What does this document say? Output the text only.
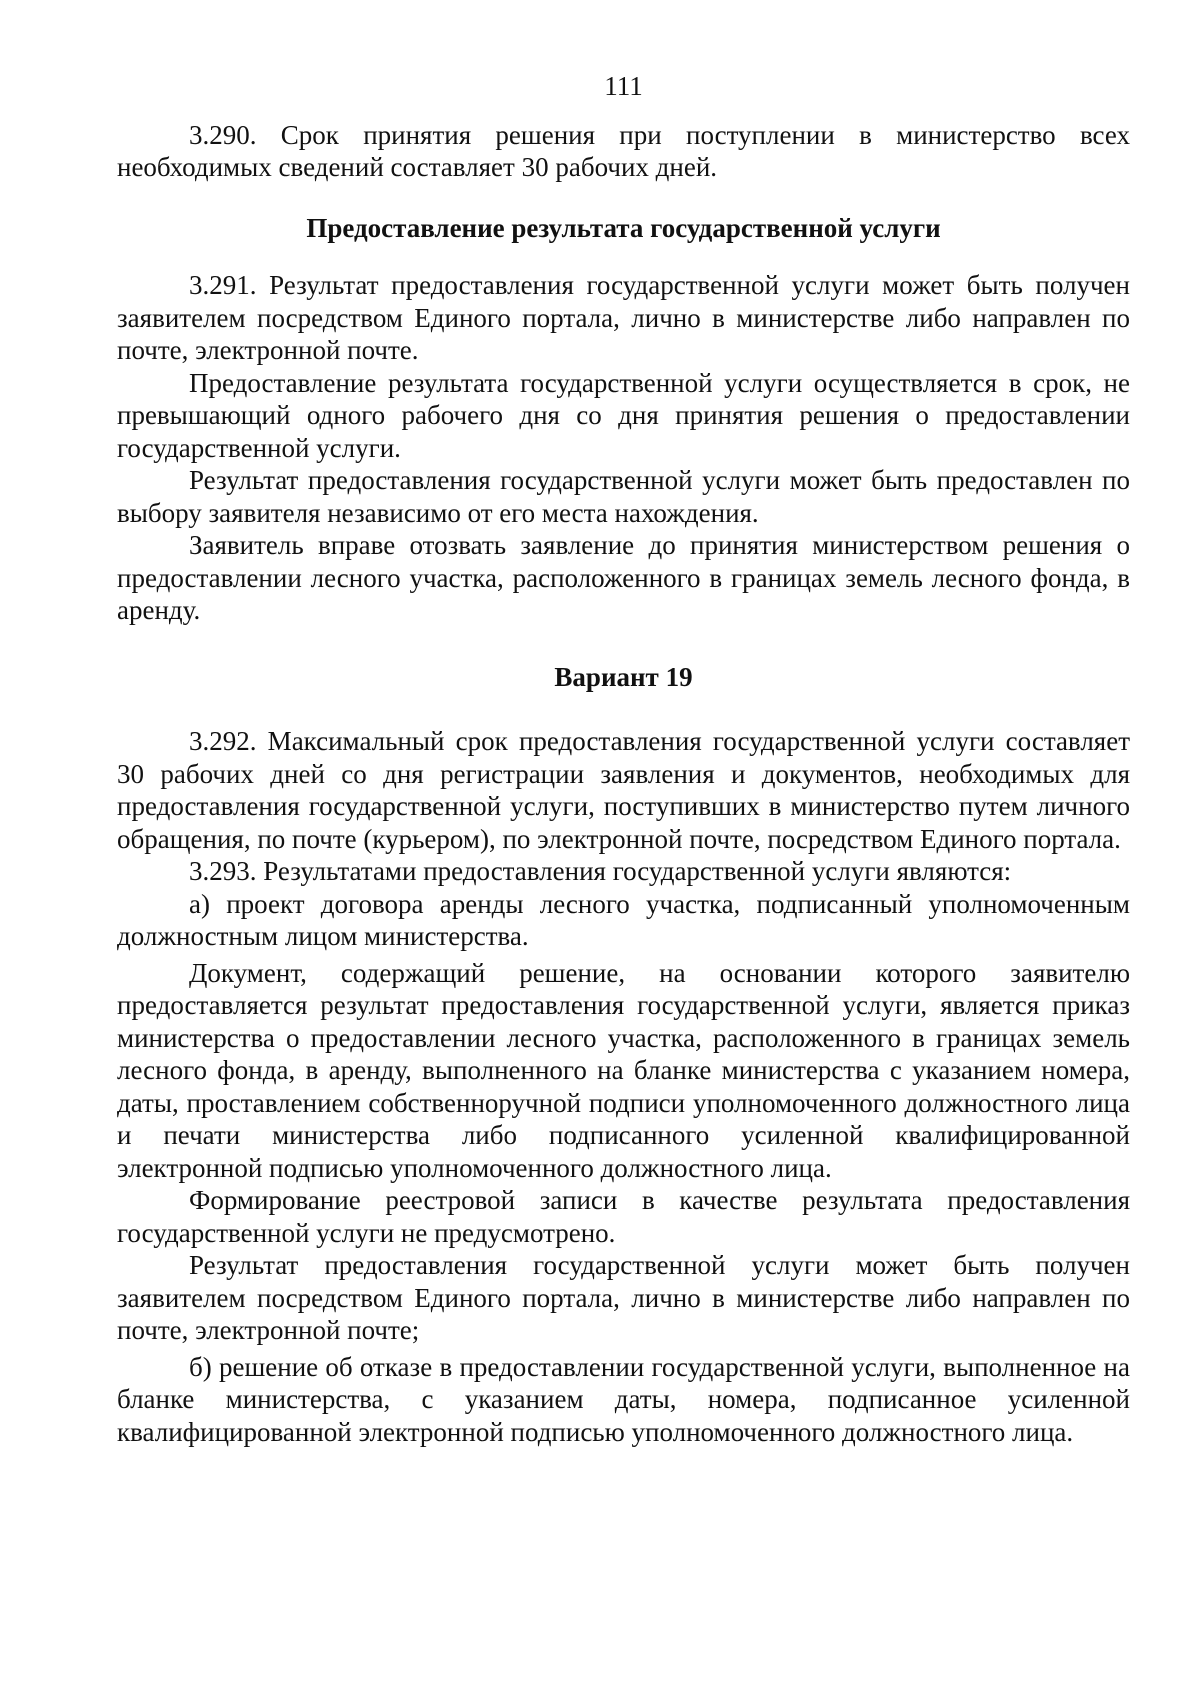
111

3.290. Срок принятия решения при поступлении в министерство всех необходимых сведений составляет 30 рабочих дней.

Предоставление результата государственной услуги

3.291. Результат предоставления государственной услуги может быть получен заявителем посредством Единого портала, лично в министерстве либо направлен по почте, электронной почте.

Предоставление результата государственной услуги осуществляется в срок, не превышающий одного рабочего дня со дня принятия решения о предоставлении государственной услуги.

Результат предоставления государственной услуги может быть предоставлен по выбору заявителя независимо от его места нахождения.

Заявитель вправе отозвать заявление до принятия министерством решения о предоставлении лесного участка, расположенного в границах земель лесного фонда, в аренду.

Вариант 19

3.292. Максимальный срок предоставления государственной услуги составляет 30 рабочих дней со дня регистрации заявления и документов, необходимых для предоставления государственной услуги, поступивших в министерство путем личного обращения, по почте (курьером), по электронной почте, посредством Единого портала.

3.293. Результатами предоставления государственной услуги являются:

а) проект договора аренды лесного участка, подписанный уполномоченным должностным лицом министерства.

Документ, содержащий решение, на основании которого заявителю предоставляется результат предоставления государственной услуги, является приказ министерства о предоставлении лесного участка, расположенного в границах земель лесного фонда, в аренду, выполненного на бланке министерства с указанием номера, даты, проставлением собственноручной подписи уполномоченного должностного лица и печати министерства либо подписанного усиленной квалифицированной электронной подписью уполномоченного должностного лица.

Формирование реестровой записи в качестве результата предоставления государственной услуги не предусмотрено.

Результат предоставления государственной услуги может быть получен заявителем посредством Единого портала, лично в министерстве либо направлен по почте, электронной почте;

б) решение об отказе в предоставлении государственной услуги, выполненное на бланке министерства, с указанием даты, номера, подписанное усиленной квалифицированной электронной подписью уполномоченного должностного лица.
